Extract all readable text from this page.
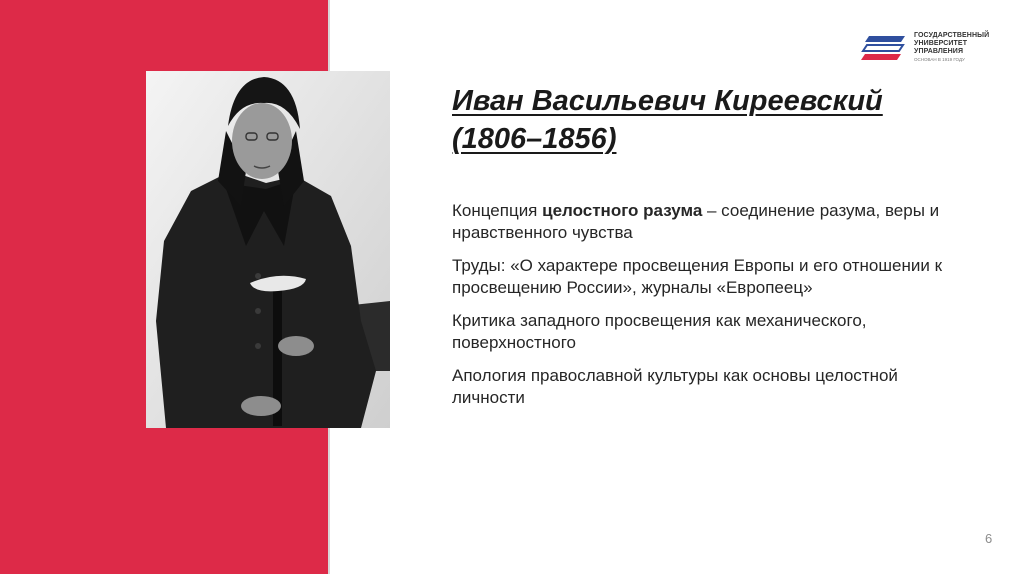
ГОСУДАРСТВЕННЫЙ
УНИВЕРСИТЕТ
УПРАВЛЕНИЯ
ОСНОВАН В 1919 ГОДУ
Иван Васильевич Киреевский
(1806–1856)
Концепция целостного разума – соединение разума, веры и нравственного чувства
Труды: «О характере просвещения Европы и его отношении к просвещению России», журналы «Европеец»
Критика западного просвещения как механического, поверхностного
Апология православной культуры как основы целостной личности
6
